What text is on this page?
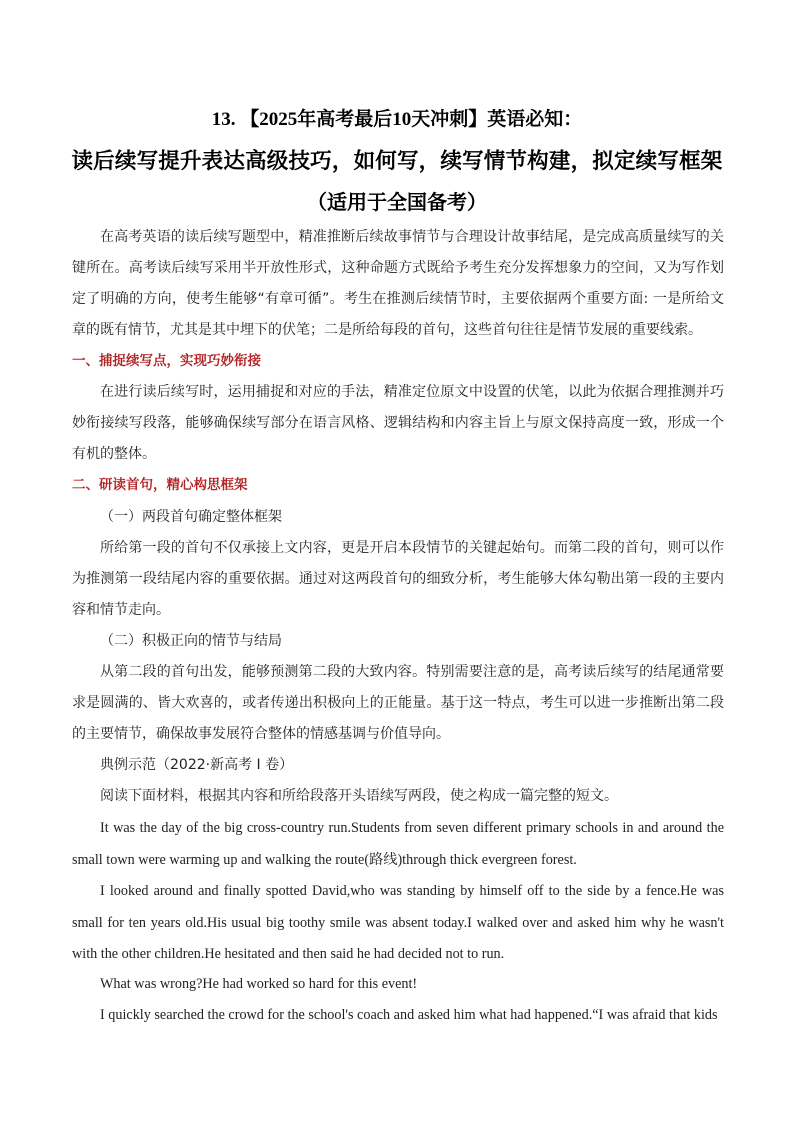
13. 【2025年高考最后10天冲刺】英语必知：
读后续写提升表达高级技巧，如何写，续写情节构建，拟定续写框架
（适用于全国备考）
在高考英语的读后续写题型中，精准推断后续故事情节与合理设计故事结尾，是完成高质量续写的关键所在。高考读后续写采用半开放性形式，这种命题方式既给予考生充分发挥想象力的空间，又为写作划定了明确的方向，使考生能够“有章可循”。考生在推测后续情节时，主要依据两个重要方面: 一是所给文章的既有情节，尤其是其中埋下的伏笔；二是所给每段的首句，这些首句往往是情节发展的重要线索。
一、捕捉续写点，实现巧妙衔接
在进行读后续写时，运用捕捉和对应的手法，精准定位原文中设置的伏笔，以此为依据合理推测并巧妙衔接续写段落，能够确保续写部分在语言风格、逻辑结构和内容主旨上与原文保持高度一致，形成一个有机的整体。
二、研读首句，精心构思框架
（一）两段首句确定整体框架
所给第一段的首句不仅承接上文内容，更是开启本段情节的关键起始句。而第二段的首句，则可以作为推测第一段结尾内容的重要依据。通过对这两段首句的细致分析，考生能够大体勾勒出第一段的主要内容和情节走向。
（二）积极正向的情节与结局
从第二段的首句出发，能够预测第二段的大致内容。特别需要注意的是，高考读后续写的结尾通常要求是圆满的、皆大欢喜的，或者传递出积极向上的正能量。基于这一特点，考生可以进一步推断出第二段的主要情节，确保故事发展符合整体的情感基调与价值导向。
典例示范（2022·新高考 I 卷）
阅读下面材料，根据其内容和所给段落开头语续写两段，使之构成一篇完整的短文。
It was the day of the big cross-country run.Students from seven different primary schools in and around the small town were warming up and walking the route(路线)through thick evergreen forest.
I looked around and finally spotted David,who was standing by himself off to the side by a fence.He was small for ten years old.His usual big toothy smile was absent today.I walked over and asked him why he wasn't with the other children.He hesitated and then said he had decided not to run.
What was wrong?He had worked so hard for this event!
I quickly searched the crowd for the school's coach and asked him what had happened.“I was afraid that kids
